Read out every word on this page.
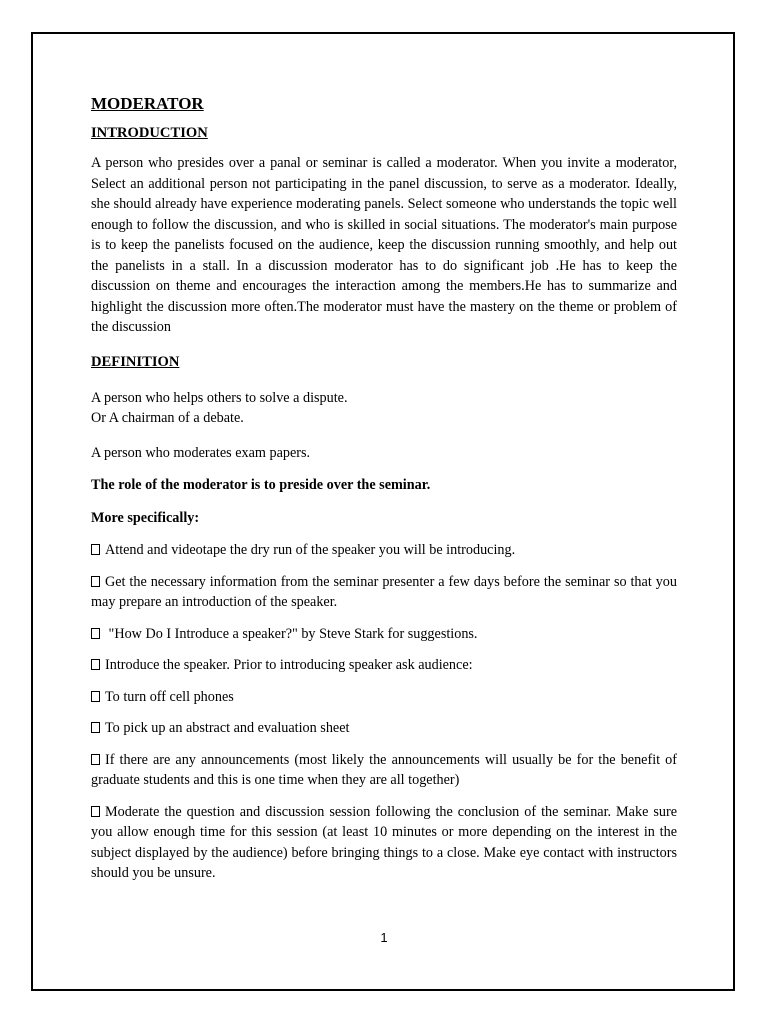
MODERATOR
INTRODUCTION

A person who presides over a panal or seminar is called a moderator. When you invite a moderator, Select an additional person not participating in the panel discussion, to serve as a moderator. Ideally, she should already have experience moderating panels. Select someone who understands the topic well enough to follow the discussion, and who is skilled in social situations. The moderator's main purpose is to keep the panelists focused on the audience, keep the discussion running smoothly, and help out the panelists in a stall. In a discussion moderator has to do significant job .He has to keep the discussion on theme and encourages the interaction among the members.He has to summarize and highlight the discussion more often.The moderator must have the mastery on the theme or problem of the discussion

DEFINITION

A person who helps others to solve a dispute.
Or A chairman of a debate.

A person who moderates exam papers.

The role of the moderator is to preside over the seminar.

More specifically:

Attend and videotape the dry run of the speaker you will be introducing.

Get the necessary information from the seminar presenter a few days before the seminar so that you may prepare an introduction of the speaker.

"How Do I Introduce a speaker?" by Steve Stark for suggestions.

Introduce the speaker. Prior to introducing speaker ask audience:

To turn off cell phones

To pick up an abstract and evaluation sheet

If there are any announcements (most likely the announcements will usually be for the benefit of graduate students and this is one time when they are all together)

Moderate the question and discussion session following the conclusion of the seminar. Make sure you allow enough time for this session (at least 10 minutes or more depending on the interest in the subject displayed by the audience) before bringing things to a close. Make eye contact with instructors should you be unsure.

1
